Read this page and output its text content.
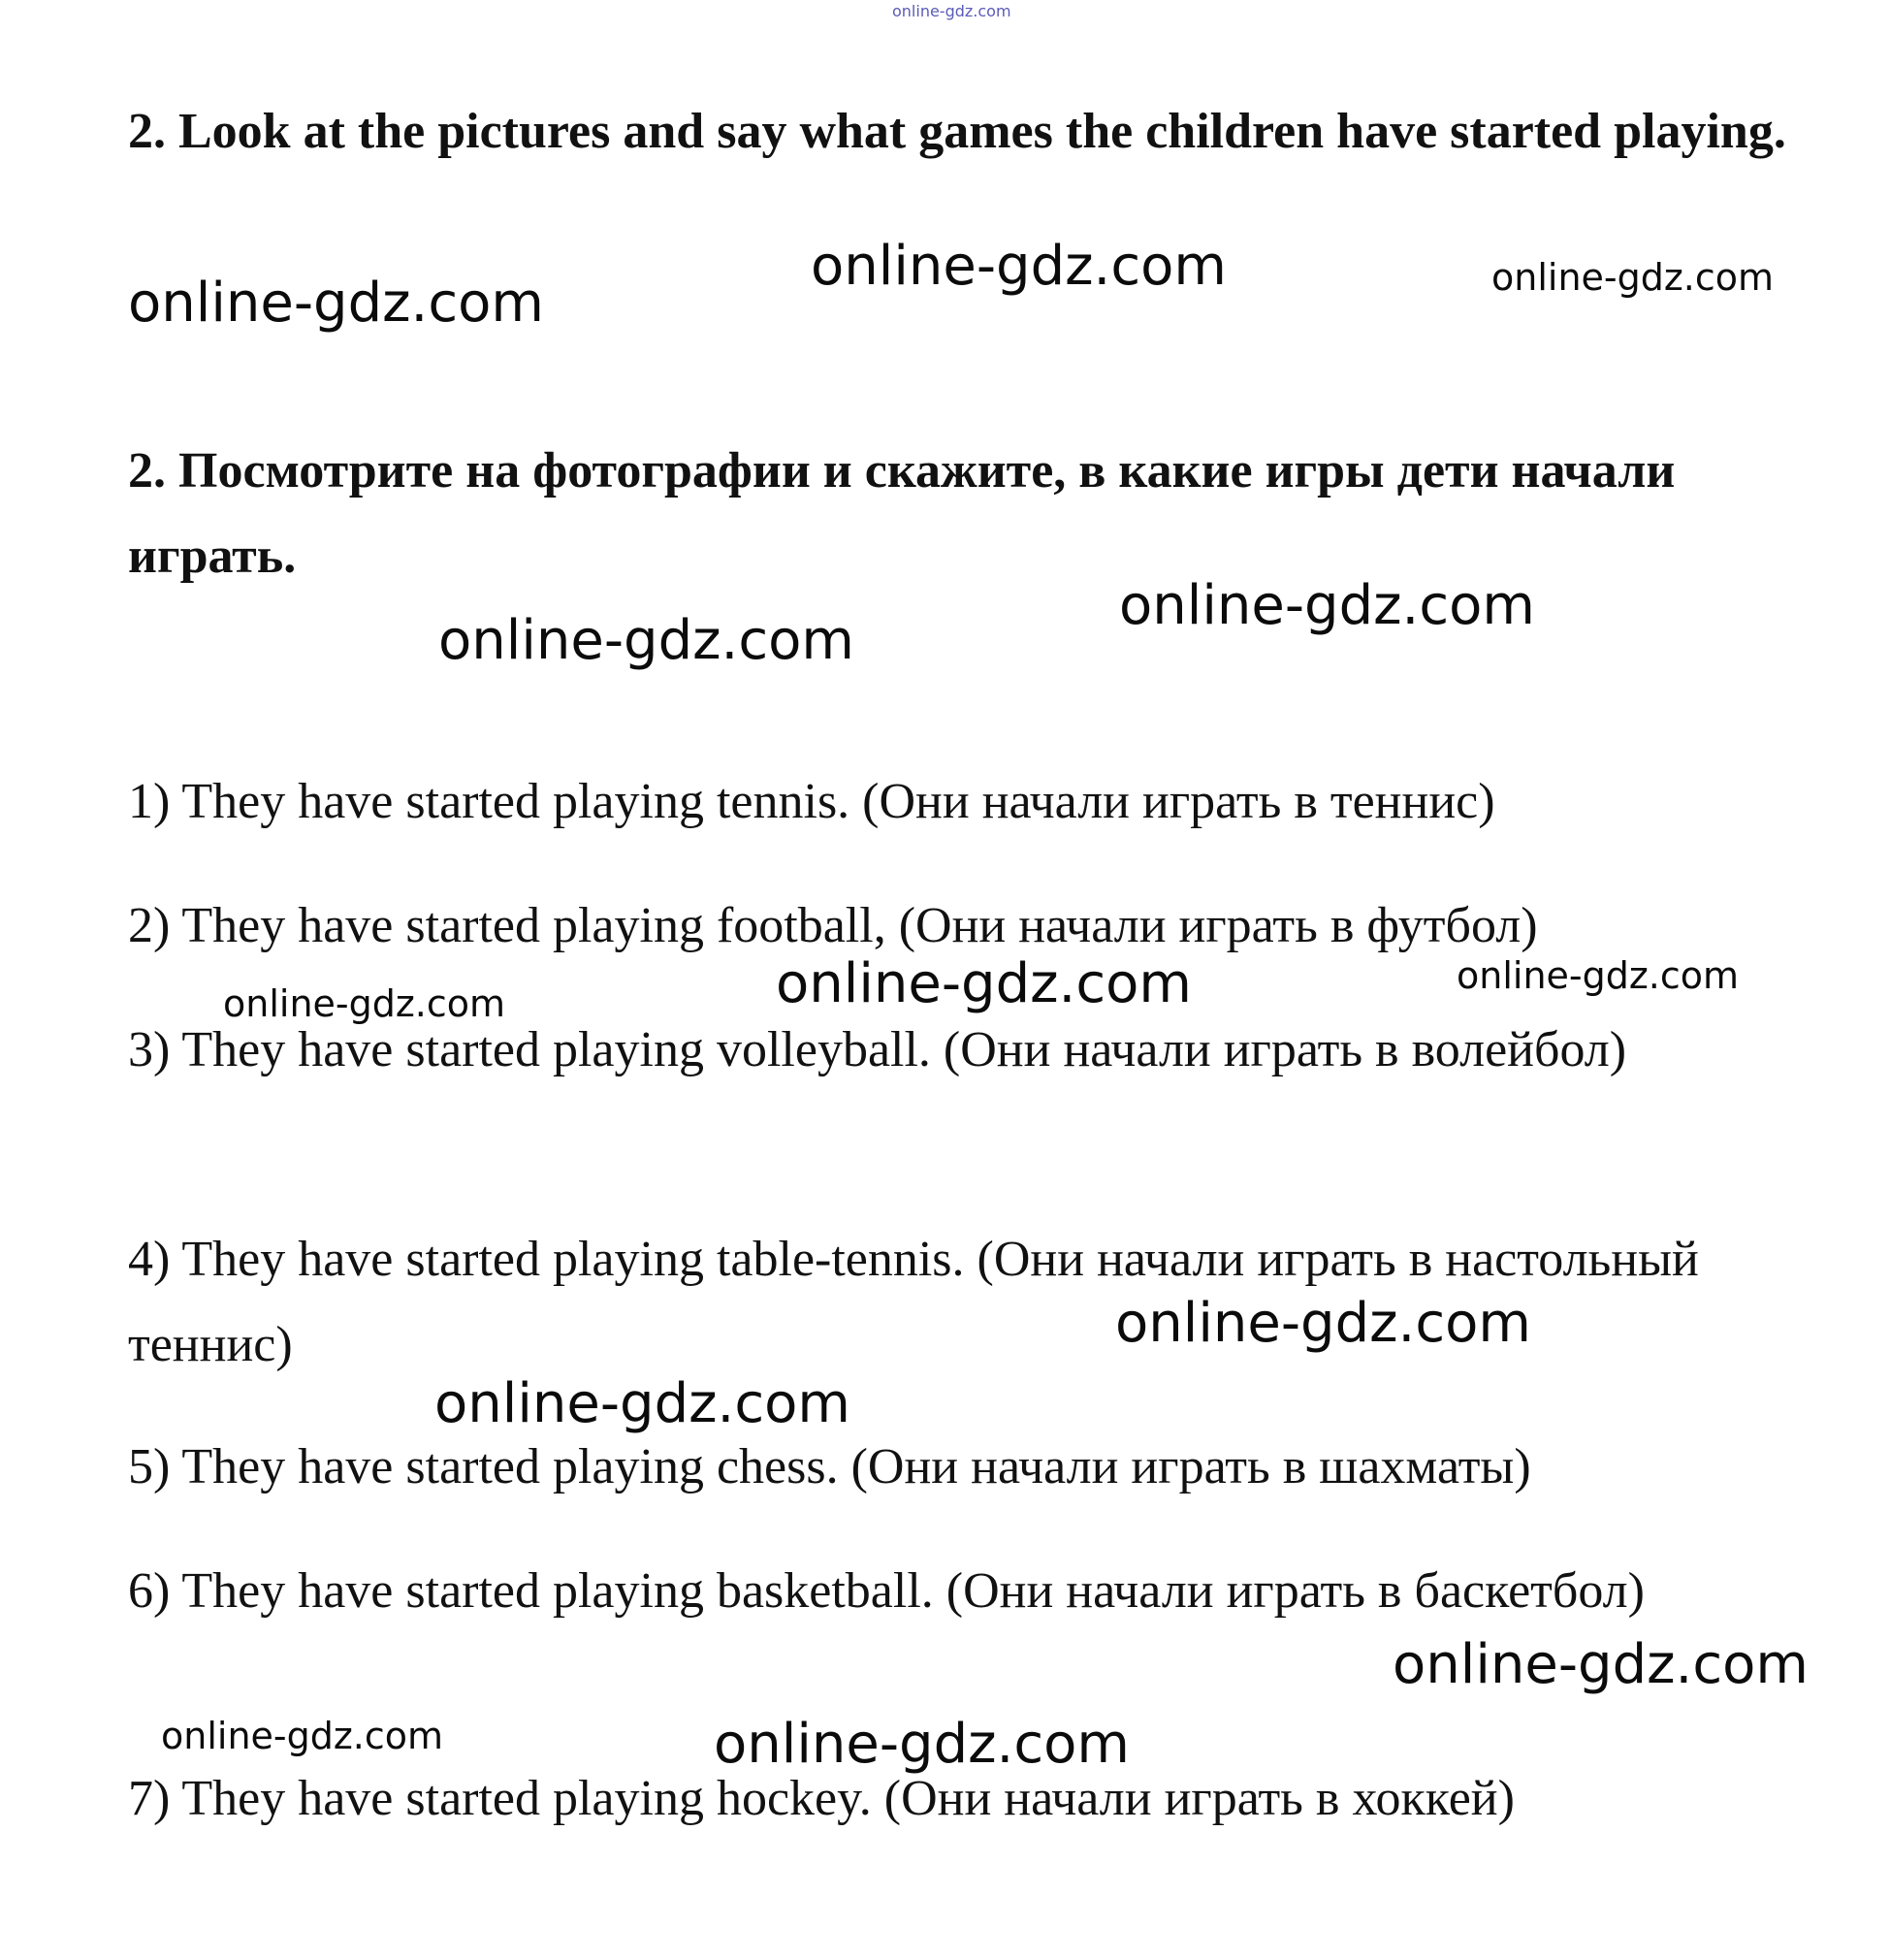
online-gdz.com

2. Look at the pictures and say what games the children have started playing.

online-gdz.com
online-gdz.com	online-gdz.com

2. Посмотрите на фотографии и скажите, в какие игры дети начали играть.

online-gdz.com
online-gdz.com

1) They have started playing tennis. (Они начали играть в теннис)

2) They have started playing football, (Они начали играть в футбол)

online-gdz.com	online-gdz.com
online-gdz.com

3) They have started playing volleyball. (Они начали играть в волейбол)

4) They have started playing table-tennis. (Они начали играть в настольный теннис)	online-gdz.com
online-gdz.com

5) They have started playing chess. (Они начали играть в шахматы)

6) They have started playing basketball. (Они начали играть в баскетбол)

online-gdz.com
online-gdz.com	online-gdz.com

7) They have started playing hockey. (Они начали играть в хоккей)
